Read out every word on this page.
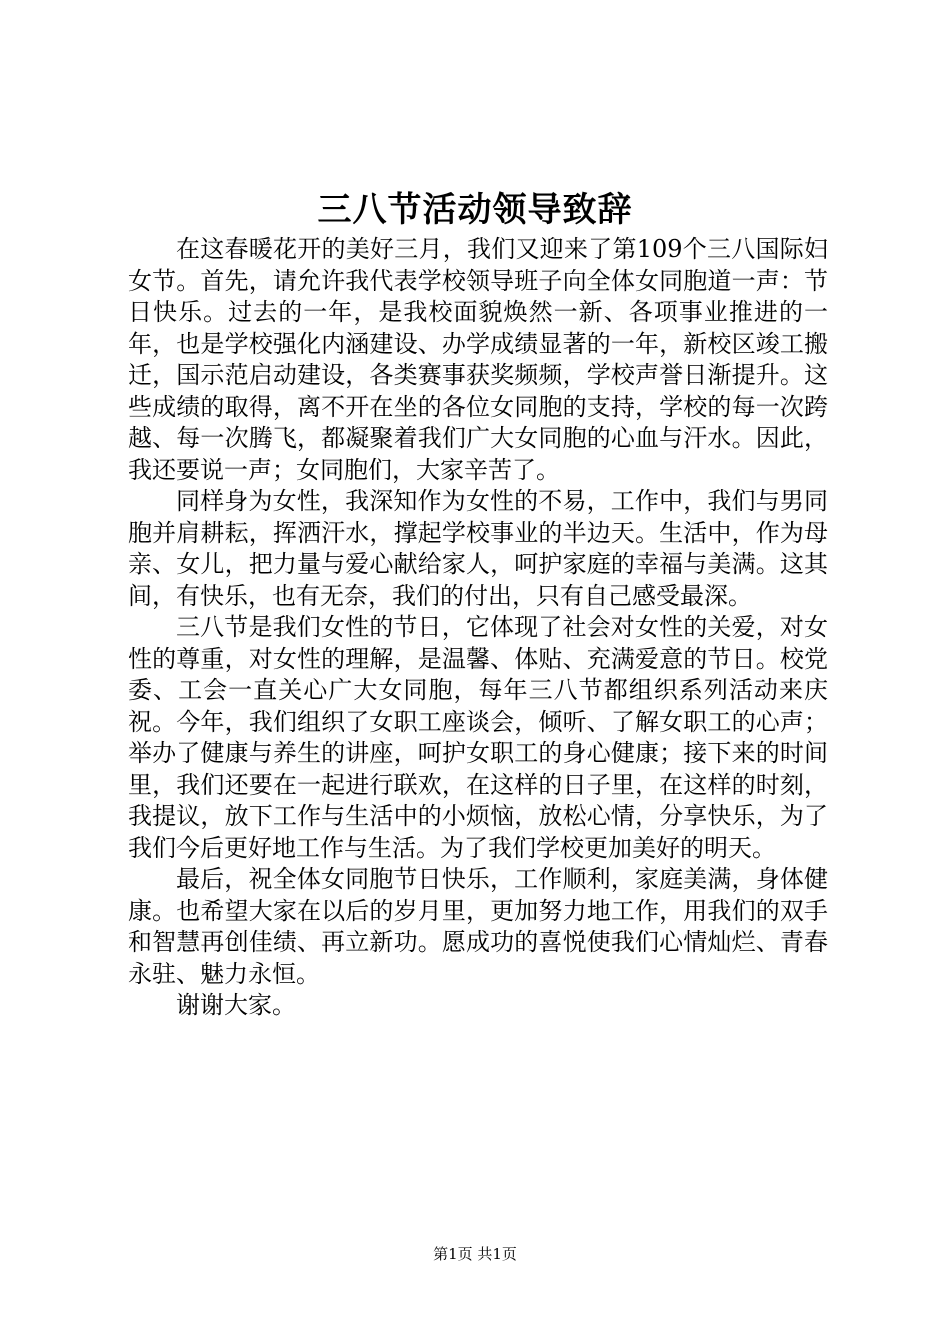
三八节活动领导致辞

在这春暖花开的美好三月，我们又迎来了第109个三八国际妇女节。首先，请允许我代表学校领导班子向全体女同胞道一声：节日快乐。过去的一年，是我校面貌焕然一新、各项事业推进的一年，也是学校强化内涵建设、办学成绩显著的一年，新校区竣工搬迁，国示范启动建设，各类赛事获奖频频，学校声誉日渐提升。这些成绩的取得，离不开在坐的各位女同胞的支持，学校的每一次跨越、每一次腾飞，都凝聚着我们广大女同胞的心血与汗水。因此，我还要说一声；女同胞们，大家辛苦了。

同样身为女性，我深知作为女性的不易，工作中，我们与男同胞并肩耕耘，挥洒汗水，撑起学校事业的半边天。生活中，作为母亲、女儿，把力量与爱心献给家人，呵护家庭的幸福与美满。这其间，有快乐，也有无奈，我们的付出，只有自己感受最深。

三八节是我们女性的节日，它体现了社会对女性的关爱，对女性的尊重，对女性的理解，是温馨、体贴、充满爱意的节日。校党委、工会一直关心广大女同胞，每年三八节都组织系列活动来庆祝。今年，我们组织了女职工座谈会，倾听、了解女职工的心声；举办了健康与养生的讲座，呵护女职工的身心健康；接下来的时间里，我们还要在一起进行联欢，在这样的日子里，在这样的时刻，我提议，放下工作与生活中的小烦恼，放松心情，分享快乐，为了我们今后更好地工作与生活。为了我们学校更加美好的明天。

最后，祝全体女同胞节日快乐，工作顺利，家庭美满，身体健康。也希望大家在以后的岁月里，更加努力地工作，用我们的双手和智慧再创佳绩、再立新功。愿成功的喜悦使我们心情灿烂、青春永驻、魅力永恒。

谢谢大家。

第1页 共1页
